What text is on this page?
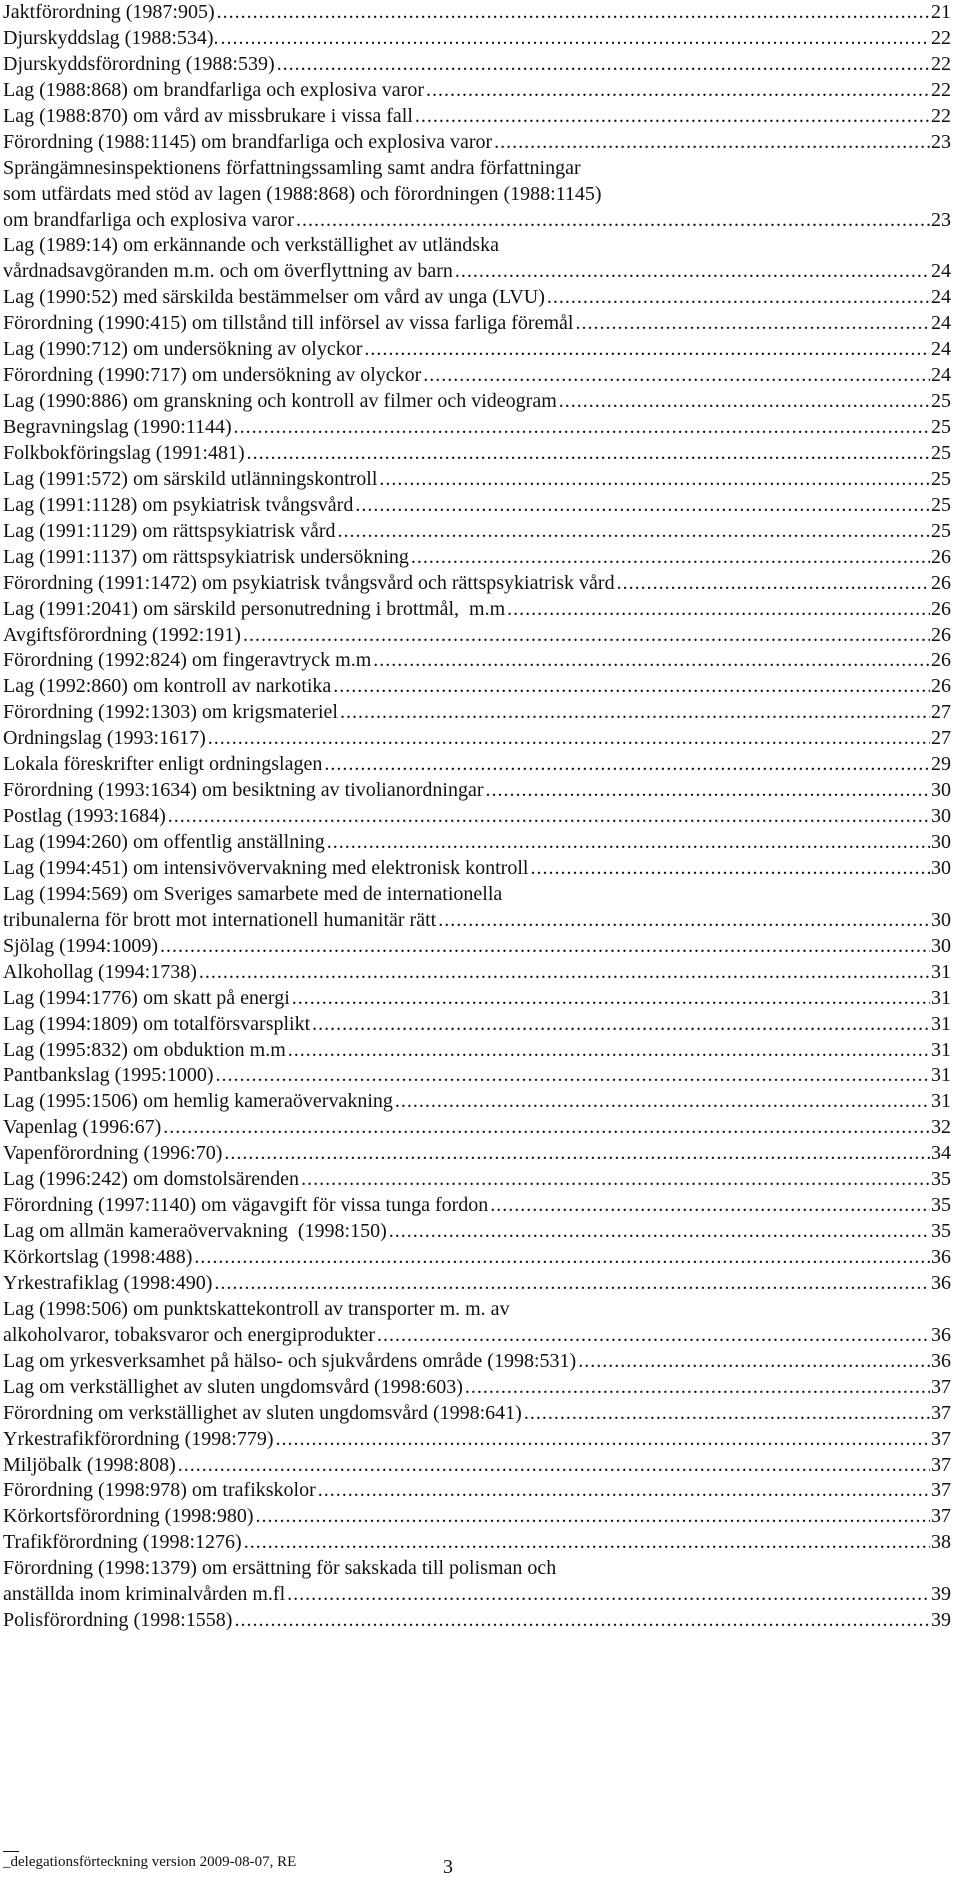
Jaktförordning (1987:905) .....	21
Djurskyddslag (1988:534). .....	22
Djurskyddsförordning (1988:539) .....	22
Lag (1988:868) om brandfarliga och explosiva varor .....	22
Lag (1988:870) om vård av missbrukare i vissa fall .....	22
Förordning (1988:1145) om brandfarliga och explosiva varor .....	23
Sprängämnesinspektionens författningssamling samt andra författningar
som utfärdats med stöd av lagen (1988:868) och förordningen (1988:1145)
om brandfarliga och explosiva varor .....	23
Lag (1989:14) om erkännande och verkställighet av utländska
vårdnadsavgöranden m.m. och om överflyttning av barn .....	24
Lag (1990:52) med särskilda bestämmelser om vård av unga (LVU) .....	24
Förordning (1990:415) om tillstånd till införsel av vissa farliga föremål .....	24
Lag (1990:712) om undersökning av olyckor .....	24
Förordning (1990:717) om undersökning av olyckor .....	24
Lag (1990:886) om granskning och kontroll av filmer och videogram .....	25
Begravningslag (1990:1144) .....	25
Folkbokföringslag (1991:481) .....	25
Lag (1991:572) om särskild utlänningskontroll .....	25
Lag (1991:1128) om psykiatrisk tvångsvård .....	25
Lag (1991:1129) om rättspsykiatrisk vård .....	25
Lag (1991:1137) om rättspsykiatrisk undersökning .....	26
Förordning (1991:1472) om psykiatrisk tvångsvård och rättspsykiatrisk vård .....	26
Lag (1991:2041) om särskild personutredning i brottmål,  m.m .....	26
Avgiftsförordning (1992:191) .....	26
Förordning (1992:824) om fingeravtryck m.m .....	26
Lag (1992:860) om kontroll av narkotika .....	26
Förordning (1992:1303) om krigsmateriel .....	27
Ordningslag (1993:1617) .....	27
Lokala föreskrifter enligt ordningslagen .....	29
Förordning (1993:1634) om besiktning av tivolianordningar .....	30
Postlag (1993:1684) .....	30
Lag (1994:260) om offentlig anställning .....	30
Lag (1994:451) om intensivövervakning med elektronisk kontroll .....	30
Lag (1994:569) om Sveriges samarbete med de internationella
tribunalerna för brott mot internationell humanitär rätt .....	30
Sjölag (1994:1009) .....	30
Alkohollag (1994:1738) .....	31
Lag (1994:1776) om skatt på energi .....	31
Lag (1994:1809) om totalförsvarsplikt .....	31
Lag (1995:832) om obduktion m.m .....	31
Pantbankslag (1995:1000) .....	31
Lag (1995:1506) om hemlig kameraövervakning .....	31
Vapenlag (1996:67) .....	32
Vapenförordning (1996:70) .....	34
Lag (1996:242) om domstolsärenden .....	35
Förordning (1997:1140) om vägavgift för vissa tunga fordon .....	35
Lag om allmän kameraövervakning  (1998:150) .....	35
Körkortslag (1998:488) .....	36
Yrkestrafiklag (1998:490) .....	36
Lag (1998:506) om punktskattekontroll av transporter m. m. av
alkoholvaror, tobaksvaror och energiprodukter .....	36
Lag om yrkesverksamhet på hälso- och sjukvårdens område (1998:531) .....	36
Lag om verkställighet av sluten ungdomsvård (1998:603) .....	37
Förordning om verkställighet av sluten ungdomsvård (1998:641) .....	37
Yrkestrafikförordning (1998:779) .....	37
Miljöbalk (1998:808) .....	37
Förordning (1998:978) om trafikskolor .....	37
Körkortsförordning (1998:980) .....	37
Trafikförordning (1998:1276) .....	38
Förordning (1998:1379) om ersättning för sakskada till polisman och
anställda inom kriminalvården m.fl .....	39
Polisförordning (1998:1558) .....	39
_delegationsförteckning version 2009-08-07, RE	3
